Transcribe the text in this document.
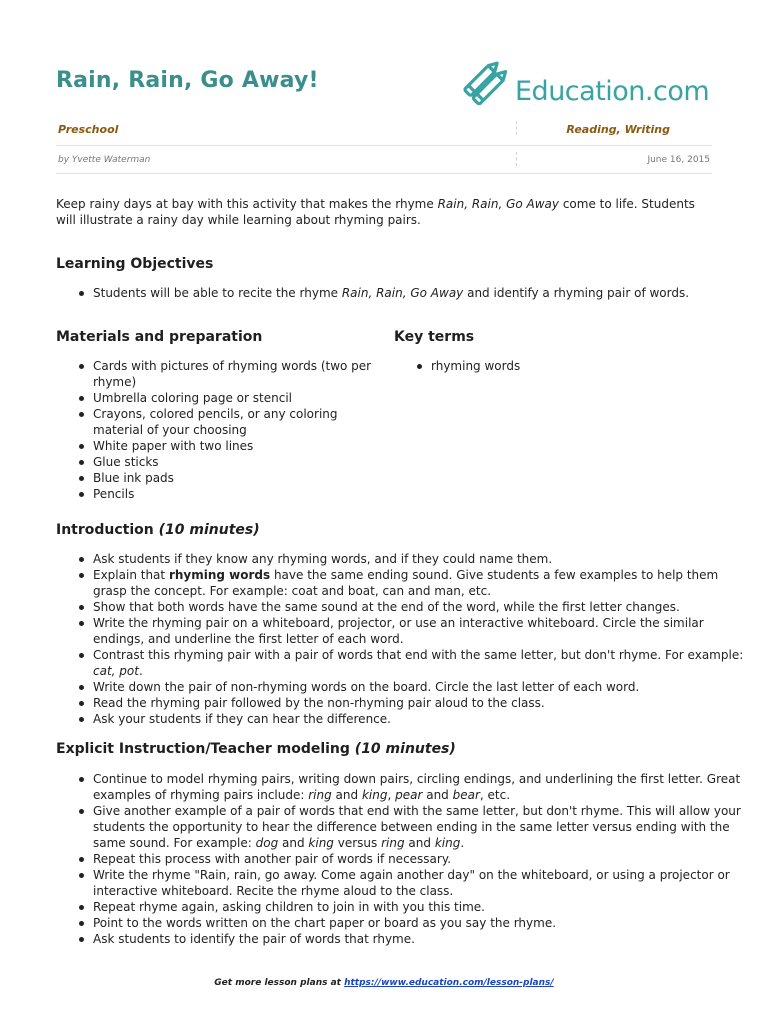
Rain, Rain, Go Away!	Education.com
Preschool	Reading, Writing
by Yvette Waterman	June 16, 2015

Keep rainy days at bay with this activity that makes the rhyme Rain, Rain, Go Away come to life. Students will illustrate a rainy day while learning about rhyming pairs.

Learning Objectives
Students will be able to recite the rhyme Rain, Rain, Go Away and identify a rhyming pair of words.
Materials and preparation	Key terms
Cards with pictures of rhyming words (two per rhyme)
Umbrella coloring page or stencil
Crayons, colored pencils, or any coloring material of your choosing
White paper with two lines
Glue sticks
Blue ink pads
Pencils
rhyming words
Introduction (10 minutes)
Ask students if they know any rhyming words, and if they could name them.
Explain that rhyming words have the same ending sound. Give students a few examples to help them grasp the concept. For example: coat and boat, can and man, etc.
Show that both words have the same sound at the end of the word, while the first letter changes.
Write the rhyming pair on a whiteboard, projector, or use an interactive whiteboard. Circle the similar endings, and underline the first letter of each word.
Contrast this rhyming pair with a pair of words that end with the same letter, but don't rhyme. For example: cat, pot.
Write down the pair of non-rhyming words on the board. Circle the last letter of each word.
Read the rhyming pair followed by the non-rhyming pair aloud to the class.
Ask your students if they can hear the difference.
Explicit Instruction/Teacher modeling (10 minutes)
Continue to model rhyming pairs, writing down pairs, circling endings, and underlining the first letter. Great examples of rhyming pairs include: ring and king, pear and bear, etc.
Give another example of a pair of words that end with the same letter, but don't rhyme. This will allow your students the opportunity to hear the difference between ending in the same letter versus ending with the same sound. For example: dog and king versus ring and king.
Repeat this process with another pair of words if necessary.
Write the rhyme "Rain, rain, go away. Come again another day" on the whiteboard, or using a projector or interactive whiteboard. Recite the rhyme aloud to the class.
Repeat rhyme again, asking children to join in with you this time.
Point to the words written on the chart paper or board as you say the rhyme.
Ask students to identify the pair of words that rhyme.
Get more lesson plans at https://www.education.com/lesson-plans/
